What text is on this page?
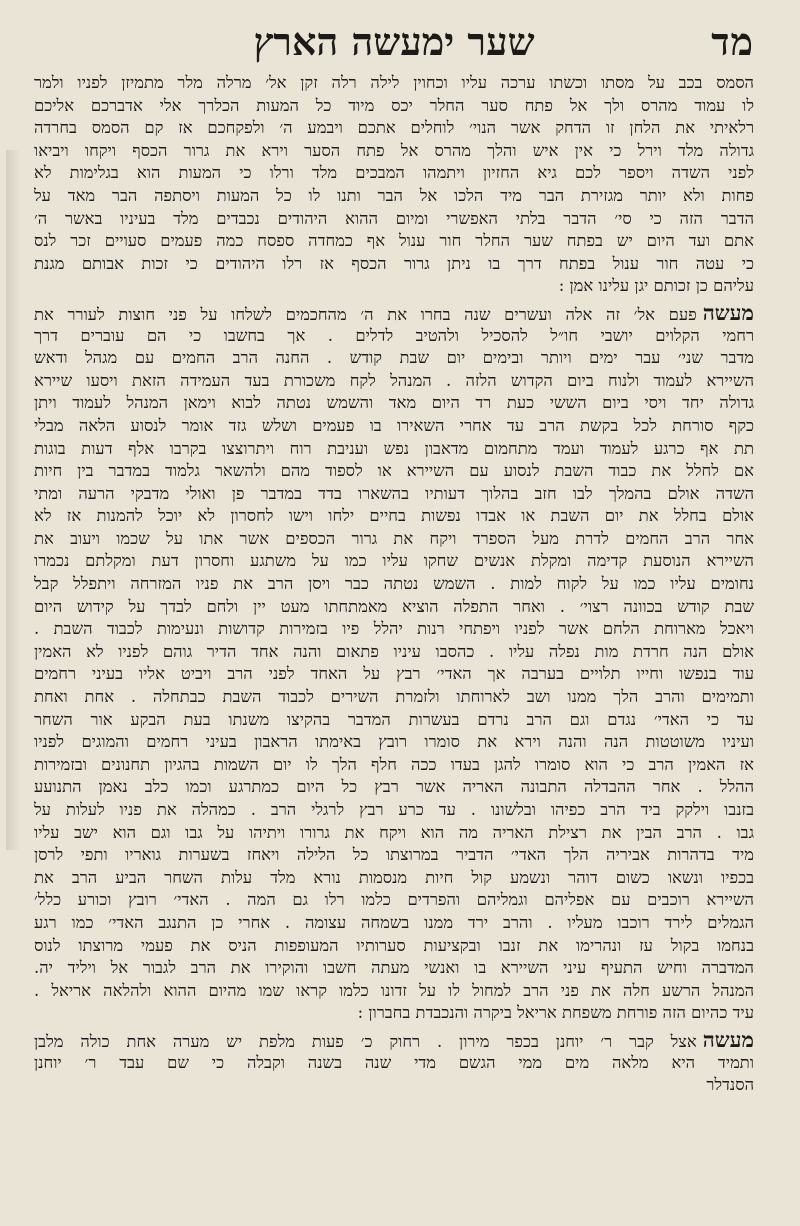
מד
שער ימעשה הארץ
הסמס בכב על מסתו וכשתו ערכה עליו וכחוין לילה רלה זקן אל׳ מרלה מלר מתמיזן לפניו ולמר
לו עמוד מהרס ולך אל פתח סער החלר יכס מיוד כל המעות הכלרך אלי אדברכם אליכם
רלאיתי את הלחן זו הדחק אשר הנוי׳ לוחלים אתכם ויבמע ה׳ ולפקחכם אז קם הסמס בחרדה
גדולה מלד וירל כי אין איש והלך מהרס אל פתח הסער וירא את גרור הכסף ויקחו ויביאו
לפני השדה ויספר לכם גיא החזיון ויתמהו המבכים מלד ורלו כי המעות הוא בגלימות לא
פחות ולא יותר מגזירת הבר מיד הלכו אל הבר ותנו לו כל המעות ויסתפה הבר מאד על
הדבר הזה כי סי׳ הדבר בלתי האפשרי ומיום ההוא היהודים נכבדים מלד בעיניו באשר ה׳
אתם ועד היום יש בפתח שער החלר חור ענול אף כמחדה ספסח כמה פעמים סעויים זכר לנס
כי עטה חור ענול בפתח דרך בו ניתן גרור הכסף אז רלו היהודים כי זכות אבותם מגנת
עליהם כן זכותם יגן עלינו אמן :
מעשהפעם אל׳ זה אלה ועשרים שנה בחרו את ה׳ מהחכמים לשלחו על פני חוצות לעורר את
רחמי הקלוים יושבי חו״ל להסכיל ולהטיב לדלים . אך בחשבו כי הם עוברים דרך
מדבר שני׳ עבר ימים ויותר ובימים יום שבת קודש . החנה הרב החמים עם מגהל ודאש
השיירא לעמוד ולנוח ביום הקדוש הלזה . המנהל לקח משכורת בעד העמידה הזאת ויסעו שיירא
גדולה יחד ויסי ביום הששי כעת רד היום מאד והשמש נטתה לבוא וימאן המנהל לעמוד ויתן
כקף סורחת לכל בקשת הרב עד אחרי השאירו בו פעמים ושלש גזד אומר לנסוע הלאה מבלי
תת אף כרגע לעמוד ועמד מתחמום מדאבון נפש ועניבת רוח ויתרוצצו בקרבו אלף דעות בוגות
אם לחלל את כבוד השבת לנסוע עם השיירא או לספוד מהם ולהשאר גלמוד במדבר בין חיות
השדה אולם בהמלך לבו חזב בהלוך דעותיו בהשארו בדד במדבר פן ואולי מדבקי הרעה ומתי
אולם בחלל את יום השבת או אבדו נפשות בחיים ילחו וישו לחסרון לא יוכל להמנות אז לא
אחר הרב החמים לדרת מעל הספרד ויקח את גרור הכספים אשר אתו על שכמו ויעוב את
השיירא הנוסעת קדימה ומקלת אנשים שחקו עליו כמו על משתגע וחסרון דעת ומקלתם נכמרו
נחומים עליו כמו על לקוח למות . השמש נטתה כבר ויסן הרב את פניו המזרחה ויתפלל קבל
שבת קודש בכוונה רצוי׳ . ואחר התפלה הוציא מאמתחתו מעט יין ולחם לבדך על קידוש היום
ויאכל מארוחת הלחם אשר לפניו ויפתחי רנות יהלל פיו בזמירות קדושות ונעימות לכבוד השבת .
אולם הנה חרדת מות נפלה עליו . כהסבו עיניו פתאום והנה אחד הדיר גוהם לפניו לא האמין
עוד בנפשו וחייו תלויים בערבה אך האדי׳ רבץ על האחד לפני הרב ויביט אליו בעיני רחמים
ותמימים והרב הלך ממנו ושב לארוחתו ולזמרת השירים לכבוד השבת כבתחלה . אחת ואחת
עד כי האדי׳ נגדם וגם הרב נרדם בעשרות המדבר בהקיצו משנתו בעת הבקע אור השחר
ועיניו משוטטות הנה והנה וירא את סומרו רובץ באימתו הראבון בעיני רחמים והמוגים לפניו
אז האמין הרב כי הוא סומרו להגן בעדו ככה חלף הלך לו יום השמות בהגיון תחנונים ובזמירות
ההלל . אחר ההבדלה התבונה האריה אשר רבץ כל היום כמתרגע וכמו כלב נאמן התנועע
בזנבו וילקק ביד הרב כפיהו ובלשונו . עד כרע רבץ לרגלי הרב . כמהלה את פניו לעלות על
גבו . הרב הבין את רצילת האריה מה הוא ויקח את גרורו ויתיהו על גבו וגם הוא ישב עליו
מיד בדהרות אביריה הלך האדי׳ הדביר במרוצתו כל הלילה ויאחז בשערות גואריו ותפי לרסן
בכפיו ונשאו כשום דוהר ונשמע קול חיות מנסמות נורא מלד עלות השחר הביע הרב את
השיירא רוכבים עם אפליהם וגמליהם והפרדים כלמו רלו גם המה . האדי׳ רובץ וכורע כלל׳
הגמלים לירד רוכבו מעליו . והרב ירד ממנו בשמחה עצומה . אחרי כן התנגב האדי׳ כמו רגע
בנחמו בקול עז ונהרימו את זנבו ובקציעות סערותיו המעופפות הניס את פעמי מרוצתו לנוס
המדברה וחיש התעיף עיני השיירא בו ואנשי מעתה חשבו והוקירו את הרב לגבור אל ויליד יה.
המנהל הרשע חלה את פני הרב למחול לו על זדונו כלמו קראו שמו מהיום ההוא ולהלאה אריאל .
עיד כהיום הזה פורחת משפחת אריאל ביקרה והנכבדת בחברון :
מעשהאצל קבר ר׳ יוחנן בכפר מירון . רחוק כ׳ פעות מלפת יש מערה אחת כולה מלבן
ותמיד היא מלאה מים ממי הגשם מדי שנה בשנה וקבלה כי שם עבד ר׳ יוחנן
הסנדלר
